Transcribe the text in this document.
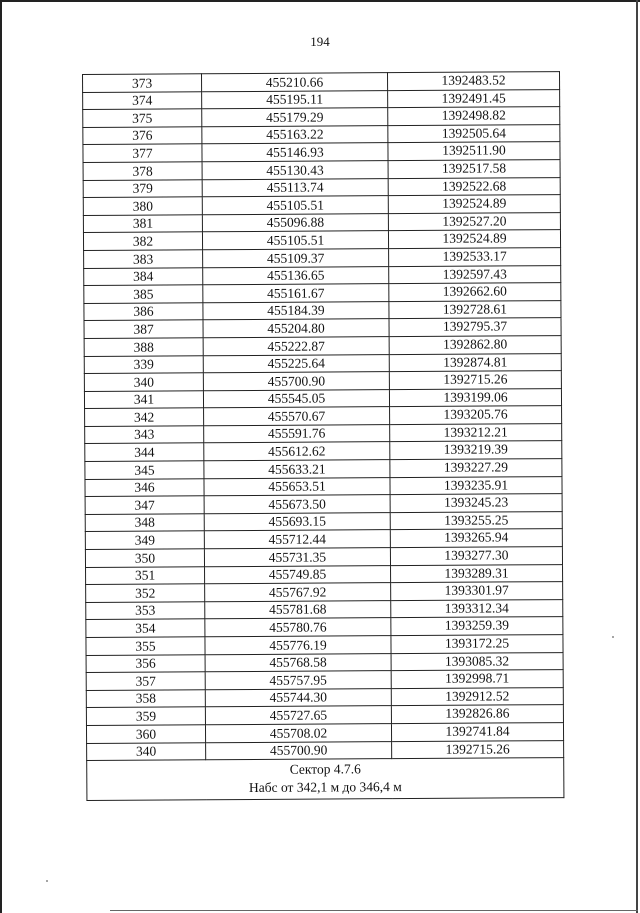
194
373	455210.66	1392483.52
374	455195.11	1392491.45
375	455179.29	1392498.82
376	455163.22	1392505.64
377	455146.93	1392511.90
378	455130.43	1392517.58
379	455113.74	1392522.68
380	455105.51	1392524.89
381	455096.88	1392527.20
382	455105.51	1392524.89
383	455109.37	1392533.17
384	455136.65	1392597.43
385	455161.67	1392662.60
386	455184.39	1392728.61
387	455204.80	1392795.37
388	455222.87	1392862.80
339	455225.64	1392874.81
340	455700.90	1392715.26
341	455545.05	1393199.06
342	455570.67	1393205.76
343	455591.76	1393212.21
344	455612.62	1393219.39
345	455633.21	1393227.29
346	455653.51	1393235.91
347	455673.50	1393245.23
348	455693.15	1393255.25
349	455712.44	1393265.94
350	455731.35	1393277.30
351	455749.85	1393289.31
352	455767.92	1393301.97
353	455781.68	1393312.34
354	455780.76	1393259.39
355	455776.19	1393172.25
356	455768.58	1393085.32
357	455757.95	1392998.71
358	455744.30	1392912.52
359	455727.65	1392826.86
360	455708.02	1392741.84
340	455700.90	1392715.26

Сектор 4.7.6
Набс от 342,1 м до 346,4 м		
